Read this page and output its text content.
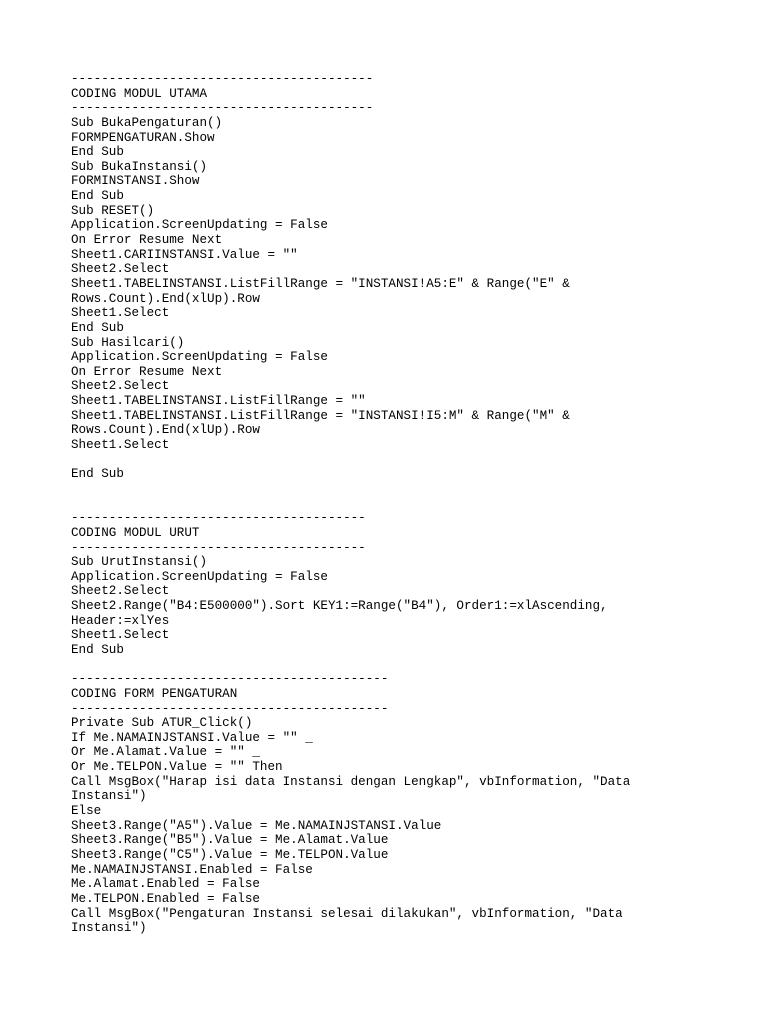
----------------------------------------
CODING MODUL UTAMA
----------------------------------------
Sub BukaPengaturan()
FORMPENGATURAN.Show
End Sub
Sub BukaInstansi()
FORMINSTANSI.Show
End Sub
Sub RESET()
Application.ScreenUpdating = False
On Error Resume Next
Sheet1.CARIINSTANSI.Value = ""
Sheet2.Select
Sheet1.TABELINSTANSI.ListFillRange = "INSTANSI!A5:E" & Range("E" &
Rows.Count).End(xlUp).Row
Sheet1.Select
End Sub
Sub Hasilcari()
Application.ScreenUpdating = False
On Error Resume Next
Sheet2.Select
Sheet1.TABELINSTANSI.ListFillRange = ""
Sheet1.TABELINSTANSI.ListFillRange = "INSTANSI!I5:M" & Range("M" &
Rows.Count).End(xlUp).Row
Sheet1.Select
End Sub
---------------------------------------
CODING MODUL URUT
---------------------------------------
Sub UrutInstansi()
Application.ScreenUpdating = False
Sheet2.Select
Sheet2.Range("B4:E500000").Sort KEY1:=Range("B4"), Order1:=xlAscending,
Header:=xlYes
Sheet1.Select
End Sub
------------------------------------------
CODING FORM PENGATURAN
------------------------------------------
Private Sub ATUR_Click()
If Me.NAMAINJSTANSI.Value = "" _
Or Me.Alamat.Value = "" _
Or Me.TELPON.Value = "" Then
Call MsgBox("Harap isi data Instansi dengan Lengkap", vbInformation, "Data
Instansi")
Else
Sheet3.Range("A5").Value = Me.NAMAINJSTANSI.Value
Sheet3.Range("B5").Value = Me.Alamat.Value
Sheet3.Range("C5").Value = Me.TELPON.Value
Me.NAMAINJSTANSI.Enabled = False
Me.Alamat.Enabled = False
Me.TELPON.Enabled = False
Call MsgBox("Pengaturan Instansi selesai dilakukan", vbInformation, "Data
Instansi")
